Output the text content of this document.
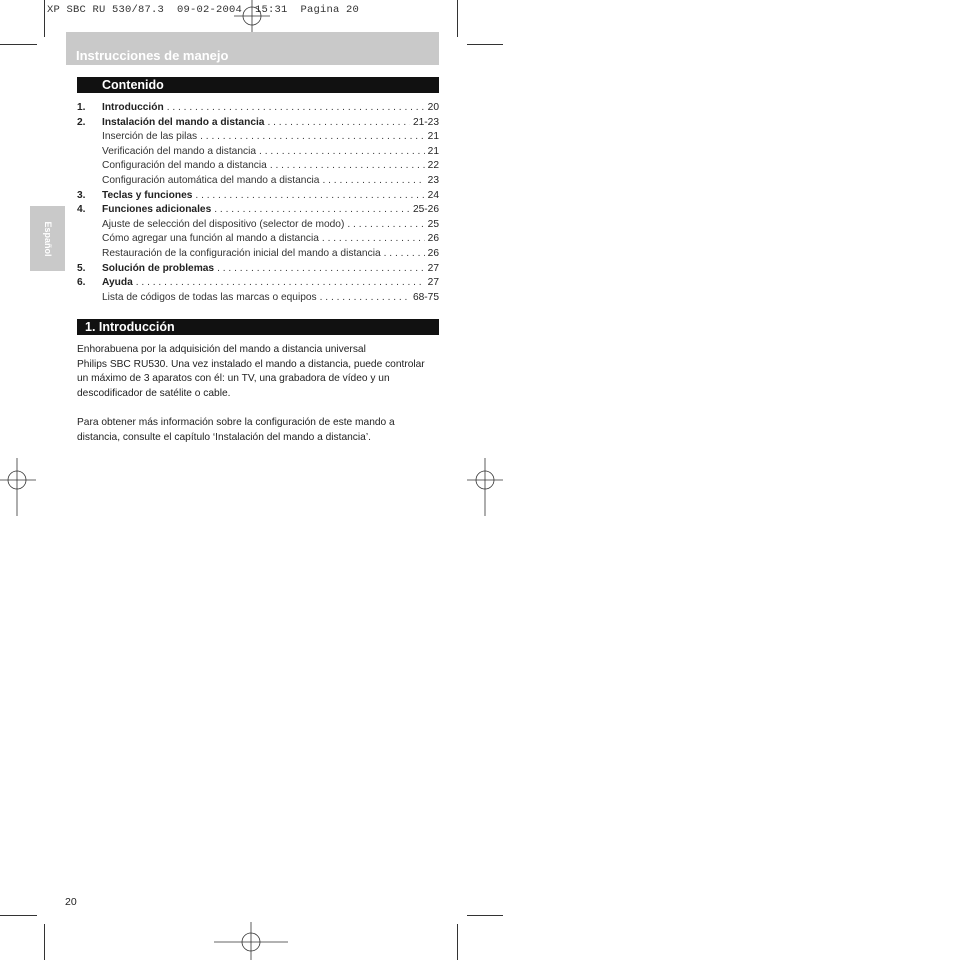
XP SBC RU 530/87.3  09-02-2004  15:31  Pagina 20
Instrucciones de manejo
Español
Contenido
1.	Introducción . . .	20
2.	Instalación del mando a distancia . . .	21-23
Inserción de las pilas . . .	21
Verificación del mando a distancia . . .	21
Configuración del mando a distancia . . .	22
Configuración automática del mando a distancia . . .	23
3.	Teclas y funciones . . .	24
4.	Funciones adicionales . . .	25-26
Ajuste de selección del dispositivo (selector de modo) . . .	25
Cómo agregar una función al mando a distancia . . .	26
Restauración de la configuración inicial del mando a distancia . . .	26
5.	Solución de problemas . . .	27
6.	Ayuda . . .	27
Lista de códigos de todas las marcas o equipos . . .	68-75
1. Introducción

Enhorabuena por la adquisición del mando a distancia universal

Philips SBC RU530. Una vez instalado el mando a distancia, puede controlar

un máximo de 3 aparatos con él: un TV, una grabadora de vídeo y un

descodificador de satélite o cable.

Para obtener más información sobre la configuración de este mando a

distancia, consulte el capítulo ‘Instalación del mando a distancia’.

20
